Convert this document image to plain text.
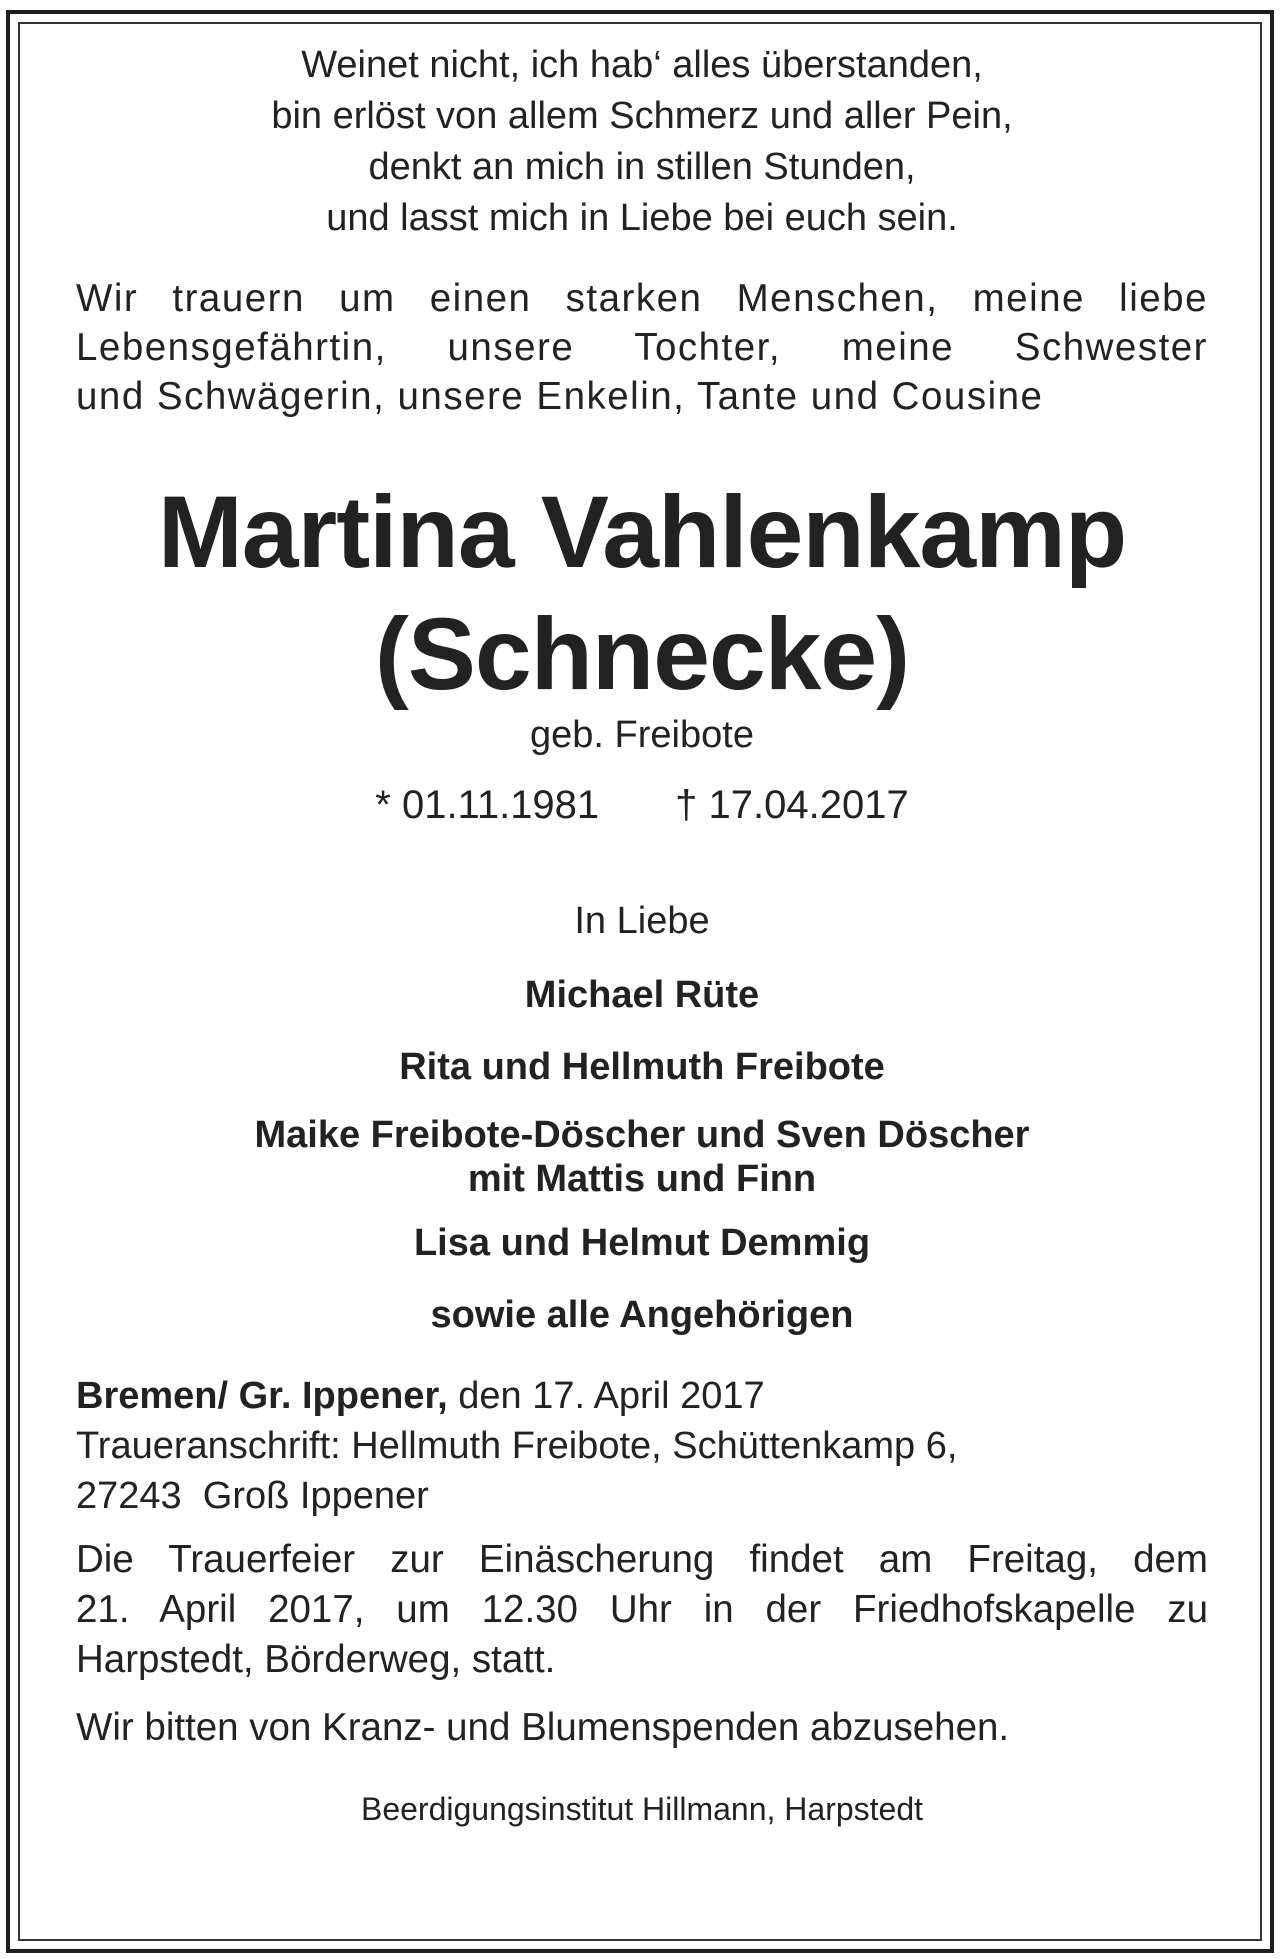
Weinet nicht, ich hab‘ alles überstanden,
bin erlöst von allem Schmerz und aller Pein,
denkt an mich in stillen Stunden,
und lasst mich in Liebe bei euch sein.
Wir trauern um einen starken Menschen, meine liebe
Lebensgefährtin, unsere Tochter, meine Schwester
und Schwägerin, unsere Enkelin, Tante und Cousine
Martina Vahlenkamp
(Schnecke)
geb. Freibote
* 01.11.1981 † 17.04.2017
In Liebe
Michael Rüte
Rita und Hellmuth Freibote
Maike Freibote-Döscher und Sven Döscher
mit Mattis und Finn
Lisa und Helmut Demmig
sowie alle Angehörigen
Bremen/ Gr. Ippener, den 17. April 2017
Traueranschrift: Hellmuth Freibote, Schüttenkamp 6,
27243  Groß Ippener
Die Trauerfeier zur Einäscherung findet am Freitag, dem
21. April 2017, um 12.30 Uhr in der Friedhofskapelle zu
Harpstedt, Börderweg, statt.
Wir bitten von Kranz- und Blumenspenden abzusehen.
Beerdigungsinstitut Hillmann, Harpstedt
